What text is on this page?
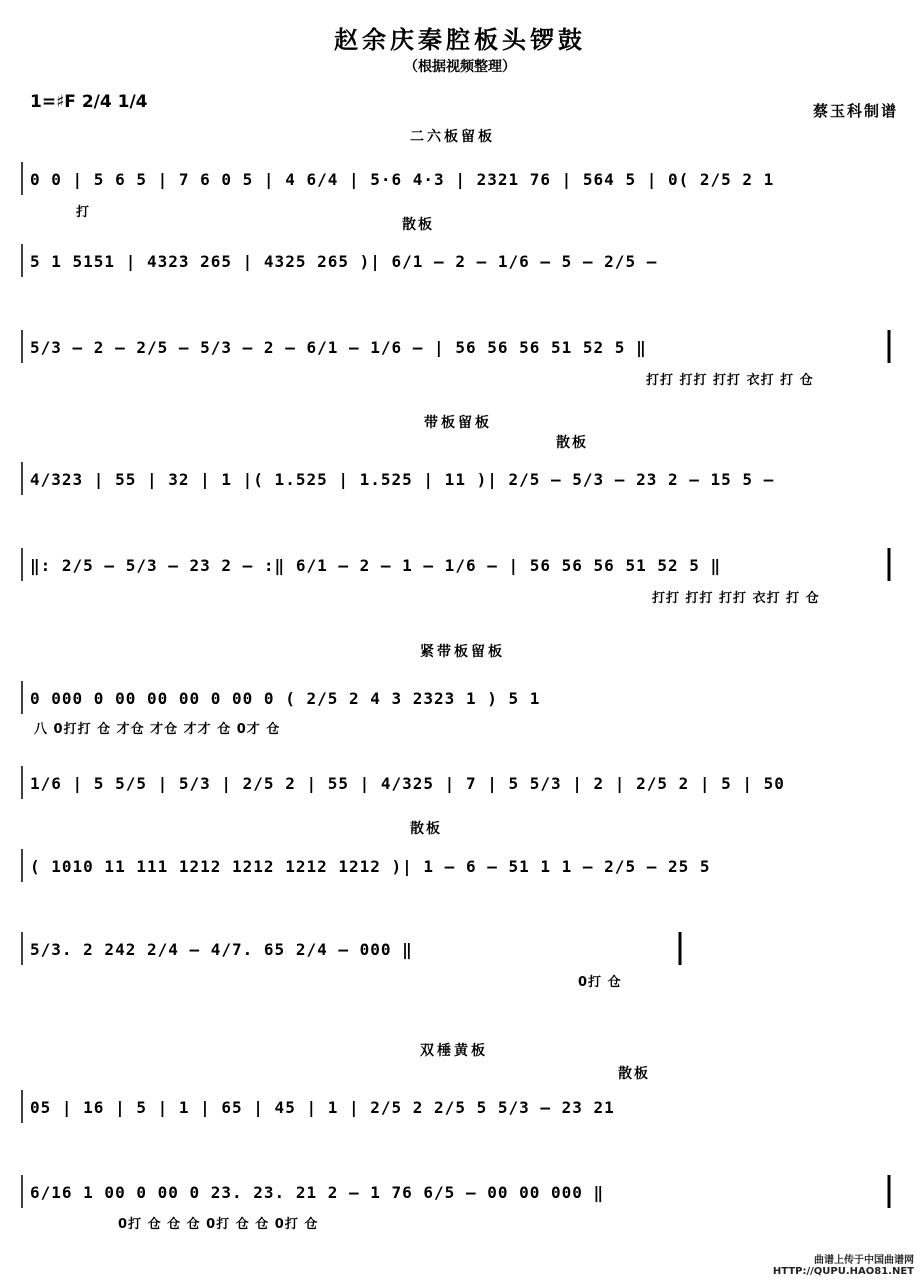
赵余庆秦腔板头锣鼓
（根据视频整理）
1=♯F 2/4 1/4	蔡玉科制谱
二六板留板
带板留板
紧带板留板
双棰黄板
散板
散板
散板
散板
0 0 | 5 6 5 | 7 6 0 5 | 4 6/4 | 5·6 4·3 | 2321 76 | 564 5 | 0( 2/5 2 1
打
5 1 5151 | 4323 265 | 4325 265 )| 6/1 – 2 – 1/6 – 5 – 2/5 –
5/3 – 2 – 2/5 – 5/3 – 2 – 6/1 – 1/6 – | 56 56 56 51 52 5 ‖
打打 打打 打打 衣打 打 仓
4/323 | 55 | 32 | 1 |( 1.525 | 1.525 | 11 )| 2/5 – 5/3 – 23 2 – 15 5 –
‖: 2/5 – 5/3 – 23 2 – :‖ 6/1 – 2 – 1 – 1/6 – | 56 56 56 51 52 5 ‖
打打 打打 打打 衣打 打 仓
0 000 0 00 00 00 0 00 0 ( 2/5 2 4 3 2323 1 ) 5 1
八 0打打 仓 才仓 才仓 才才 仓 0才 仓
1/6 | 5 5/5 | 5/3 | 2/5 2 | 55 | 4/325 | 7 | 5 5/3 | 2 | 2/5 2 | 5 | 50
( 1010 11 111 1212 1212 1212 1212 )| 1 – 6 – 51 1 1 – 2/5 – 25 5
5/3. 2 242 2/4 – 4/7. 65 2/4 – 000 ‖
0打 仓
05 | 16 | 5 | 1 | 65 | 45 | 1 | 2/5 2 2/5 5 5/3 – 23 21
6/16 1 00 0 00 0 23. 23. 21 2 – 1 76 6/5 – 00 00 000 ‖
0打 仓 仓 仓 0打 仓 仓 0打 仓
曲谱上传于中国曲谱网
HTTP://QUPU.HAO81.NET
